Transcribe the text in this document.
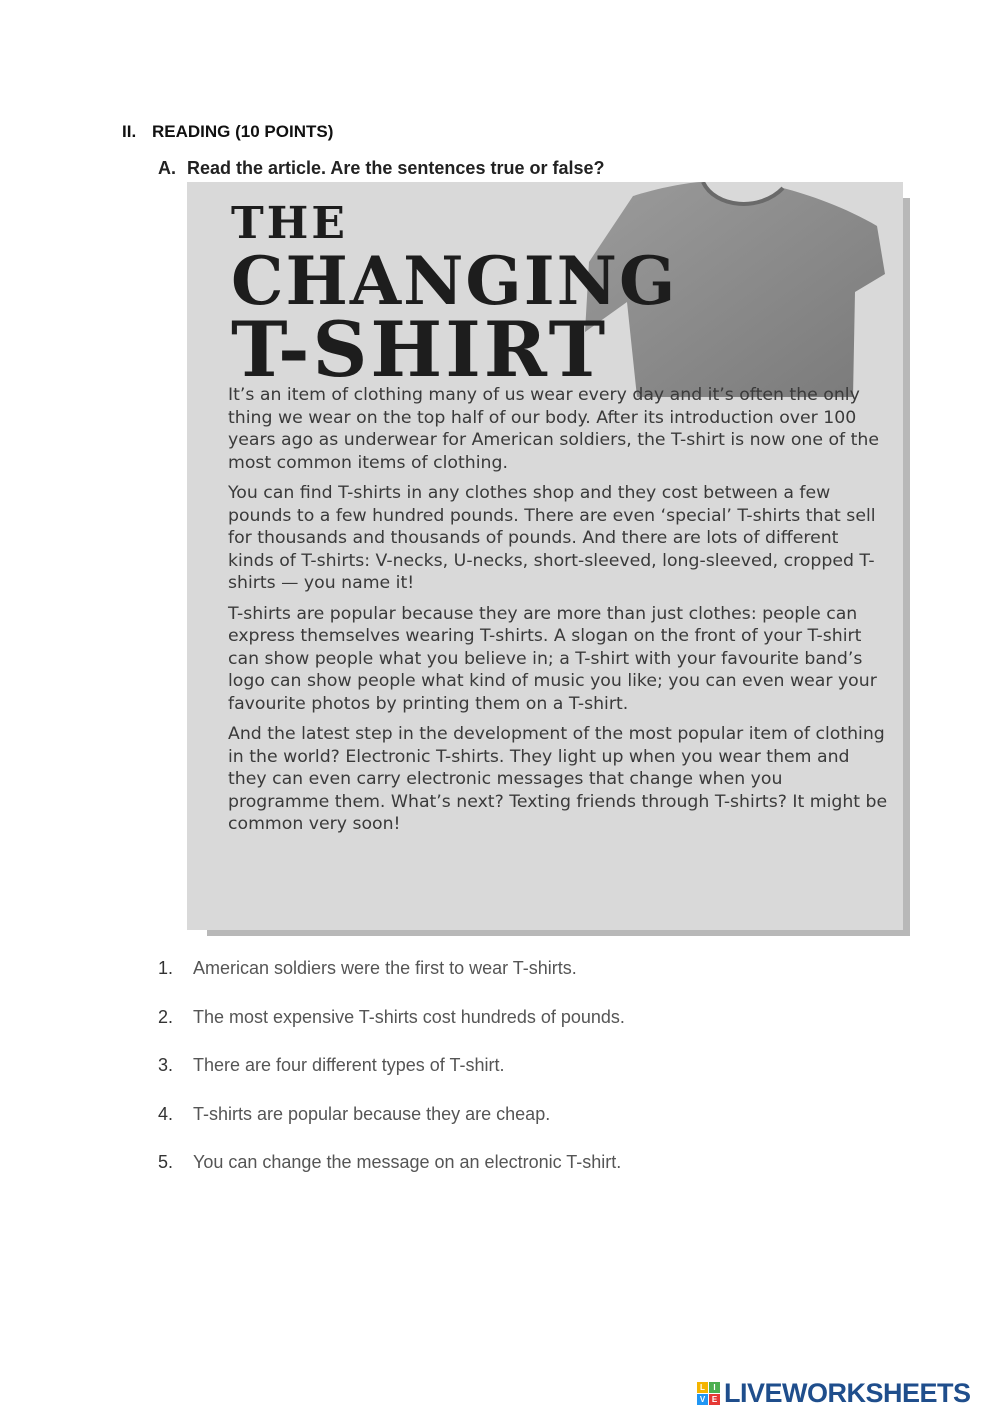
II. READING (10 POINTS)
A. Read the article. Are the sentences true or false?
THE
CHANGING
T-SHIRT

It’s an item of clothing many of us wear every day and it’s often the only thing we wear on the top half of our body. After its introduction over 100 years ago as underwear for American soldiers, the T-shirt is now one of the most common items of clothing.

You can find T-shirts in any clothes shop and they cost between a few pounds to a few hundred pounds. There are even ‘special’ T-shirts that sell for thousands and thousands of pounds. And there are lots of different kinds of T-shirts: V-necks, U-necks, short-sleeved, long-sleeved, cropped T-shirts — you name it!

T-shirts are popular because they are more than just clothes: people can express themselves wearing T-shirts. A slogan on the front of your T-shirt can show people what you believe in; a T-shirt with your favourite band’s logo can show people what kind of music you like; you can even wear your favourite photos by printing them on a T-shirt.

And the latest step in the development of the most popular item of clothing in the world? Electronic T-shirts. They light up when you wear them and they can even carry electronic messages that change when you programme them. What’s next? Texting friends through T-shirts? It might be common very soon!

1.	American soldiers were the first to wear T-shirts.
2.	The most expensive T-shirts cost hundreds of pounds.
3.	There are four different types of T-shirt.
4.	T-shirts are popular because they are cheap.
5.	You can change the message on an electronic T-shirt.
L	I
V E LIVEWORKSHEETS
